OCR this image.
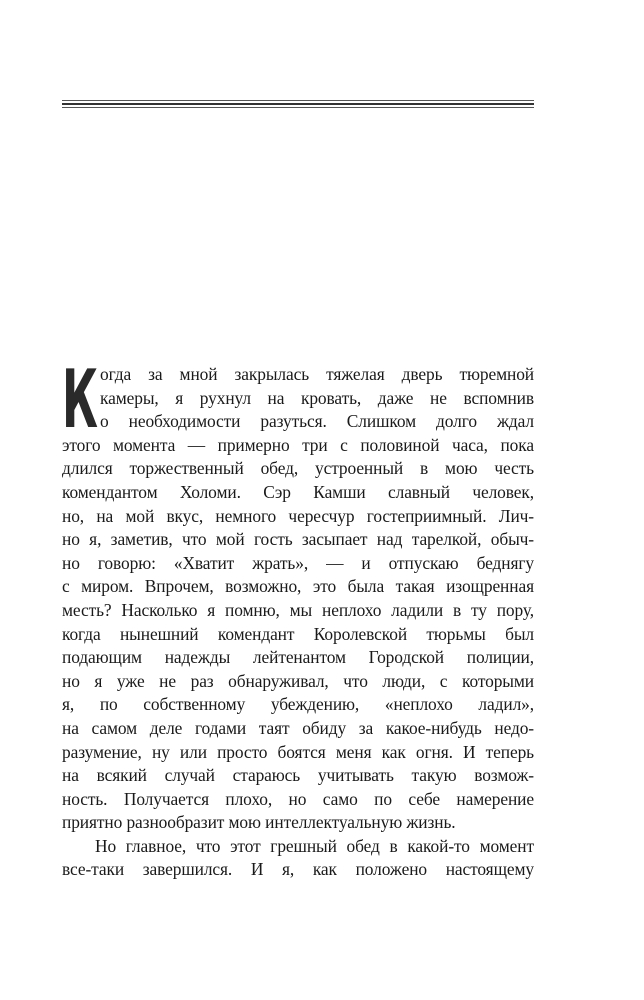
К огда за мной закрылась тяжелая дверь тюремной
камеры, я рухнул на кровать, даже не вспомнив
о необходимости разуться. Слишком долго ждал
этого момента — примерно три с половиной часа, пока
длился торжественный обед, устроенный в мою честь
комендантом Холоми. Сэр Камши славный человек,
но, на мой вкус, немного чересчур гостеприимный. Лич-
но я, заметив, что мой гость засыпает над тарелкой, обыч-
но говорю: «Хватит жрать», — и отпускаю беднягу
с миром. Впрочем, возможно, это была такая изощренная
месть? Насколько я помню, мы неплохо ладили в ту пору,
когда нынешний комендант Королевской тюрьмы был
подающим надежды лейтенантом Городской полиции,
но я уже не раз обнаруживал, что люди, с которыми
я, по собственному убеждению, «неплохо ладил»,
на самом деле годами таят обиду за какое-нибудь недо-
разумение, ну или просто боятся меня как огня. И теперь
на всякий случай стараюсь учитывать такую возмож-
ность. Получается плохо, но само по себе намерение
приятно разнообразит мою интеллектуальную жизнь.
Но главное, что этот грешный обед в какой-то момент
все-таки завершился. И я, как положено настоящему
